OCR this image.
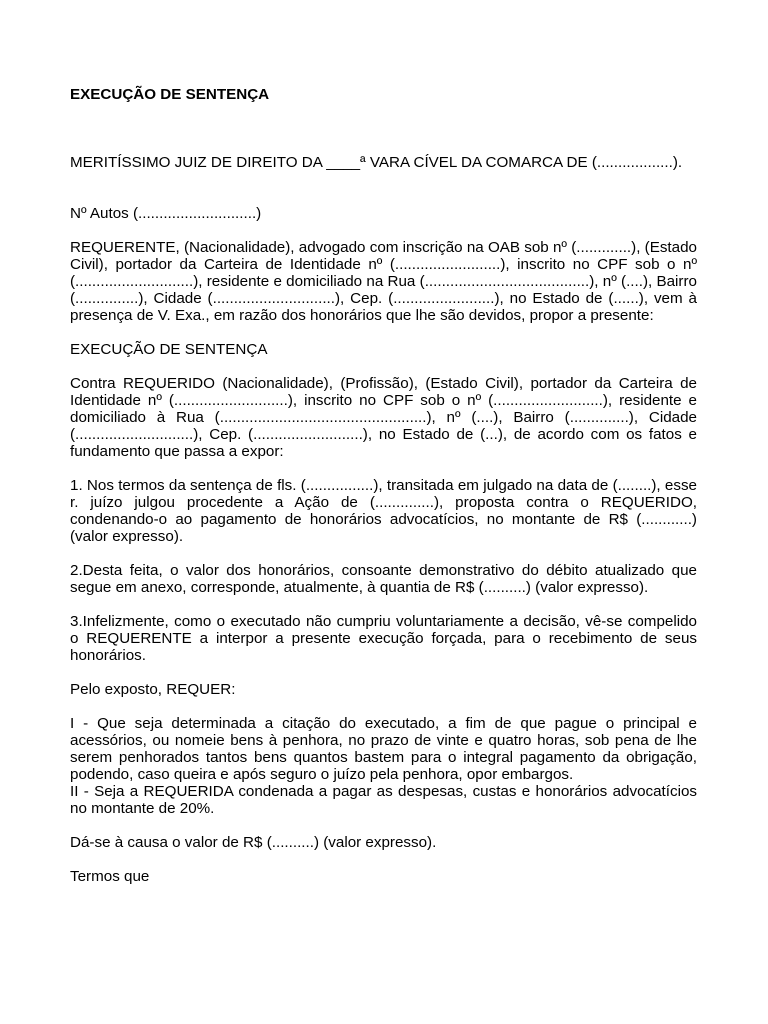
EXECUÇÃO DE SENTENÇA

MERITÍSSIMO JUIZ DE DIREITO DA ____ª VARA CÍVEL DA COMARCA DE (..................).

Nº Autos (............................)

REQUERENTE, (Nacionalidade), advogado com inscrição na OAB sob nº (.............), (Estado Civil), portador da Carteira de Identidade nº (.........................), inscrito no CPF sob o nº (............................), residente e domiciliado na Rua (.......................................), nº (....), Bairro (...............), Cidade (.............................), Cep. (........................), no Estado de (......), vem à presença de V. Exa., em razão dos honorários que lhe são devidos, propor a presente:

EXECUÇÃO DE SENTENÇA

Contra REQUERIDO (Nacionalidade), (Profissão), (Estado Civil), portador da Carteira de Identidade nº (...........................), inscrito no CPF sob o nº (..........................), residente e domiciliado à Rua (.................................................), nº (....), Bairro (..............), Cidade (............................), Cep. (..........................), no Estado de (...), de acordo com os fatos e fundamento que passa a expor:

1. Nos termos da sentença de fls. (................), transitada em julgado na data de (........), esse r. juízo julgou procedente a Ação de (..............), proposta contra o REQUERIDO, condenando-o ao pagamento de honorários advocatícios, no montante de R$ (............) (valor expresso).

2.Desta feita, o valor dos honorários, consoante demonstrativo do débito atualizado que segue em anexo, corresponde, atualmente, à quantia de R$ (..........) (valor expresso).

3.Infelizmente, como o executado não cumpriu voluntariamente a decisão, vê-se compelido o REQUERENTE a interpor a presente execução forçada, para o recebimento de seus honorários.

Pelo exposto, REQUER:

I - Que seja determinada a citação do executado, a fim de que pague o principal e acessórios, ou nomeie bens à penhora, no prazo de vinte e quatro horas, sob pena de lhe serem penhorados tantos bens quantos bastem para o integral pagamento da obrigação, podendo, caso queira e após seguro o juízo pela penhora, opor embargos.

II - Seja a REQUERIDA condenada a pagar as despesas, custas e honorários advocatícios no montante de 20%.

Dá-se à causa o valor de R$ (..........) (valor expresso).

Termos que
